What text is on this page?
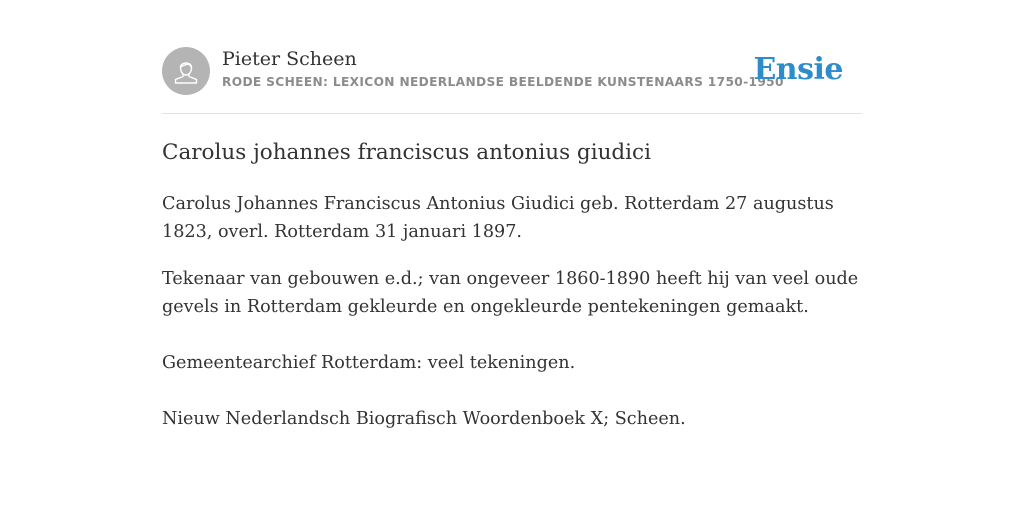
Pieter Scheen
RODE SCHEEN: LEXICON NEDERLANDSE BEELDENDE KUNSTENAARS 1750-1950
Ensie
Carolus johannes franciscus antonius giudici

Carolus Johannes Franciscus Antonius Giudici geb. Rotterdam 27 augustus 1823, overl. Rotterdam 31 januari 1897.

Tekenaar van gebouwen e.d.; van ongeveer 1860-1890 heeft hij van veel oude gevels in Rotterdam gekleurde en ongekleurde pentekeningen gemaakt.

Gemeentearchief Rotterdam: veel tekeningen.

Nieuw Nederlandsch Biografisch Woordenboek X; Scheen.
